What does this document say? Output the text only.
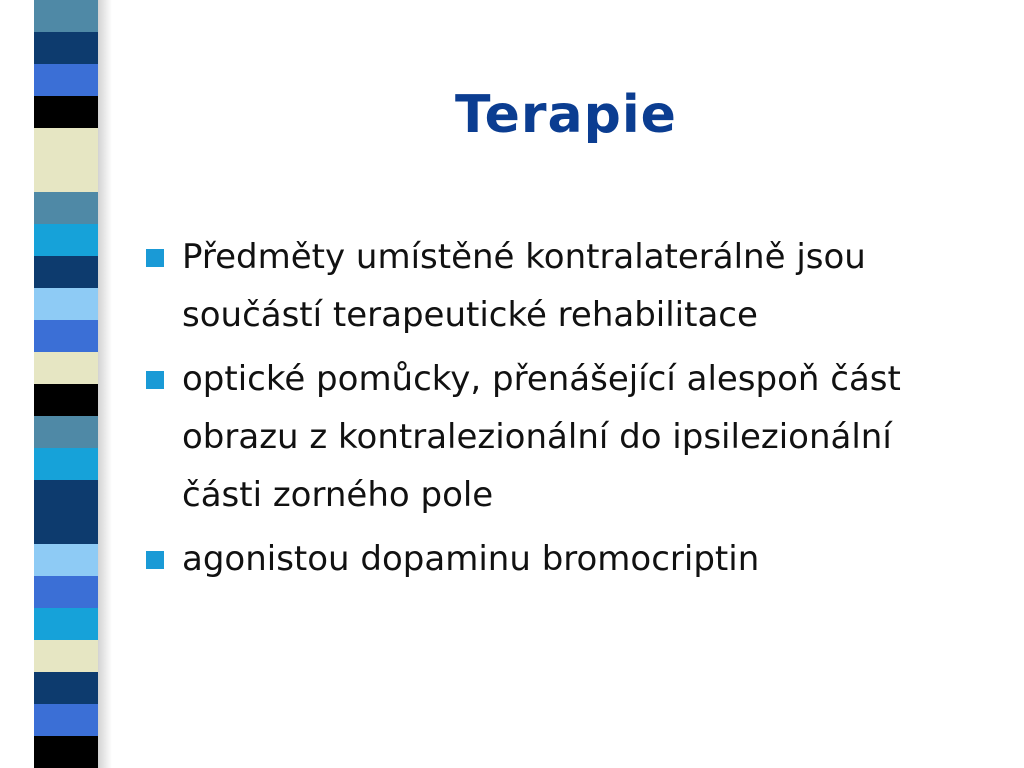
Terapie
Předměty umístěné kontralaterálně jsou součástí terapeutické rehabilitace
optické pomůcky, přenášející alespoň část obrazu z kontralezionální do ipsilezionální části zorného pole
agonistou dopaminu bromocriptin
